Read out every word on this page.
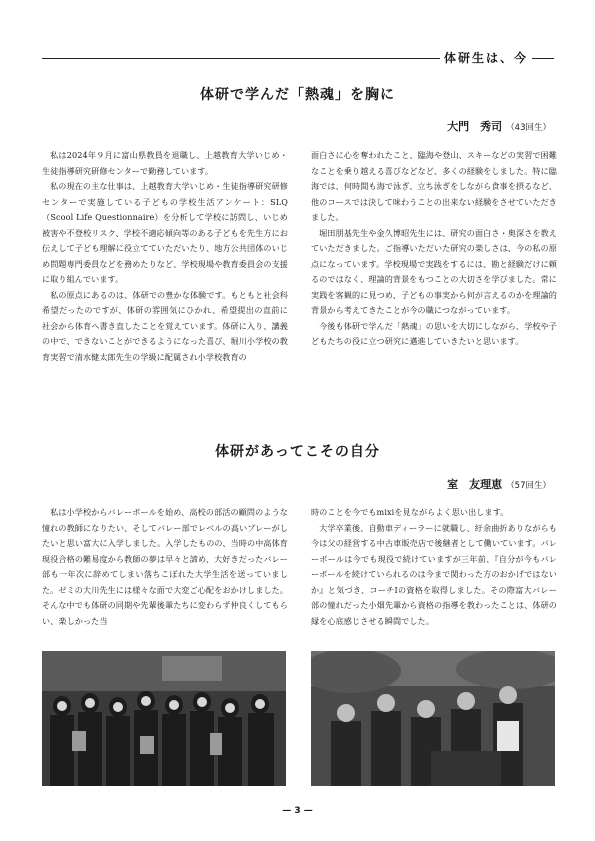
体研生は、今
体研で学んだ「熱魂」を胸に
大門　秀司 （43回生）

私は2024年９月に富山県教員を退職し、上越教育大学いじめ・生徒指導研究研修センターで勤務しています。

私の現在の主な仕事は、上越教育大学いじめ・生徒指導研究研修センターで実施している子どもの学校生活アンケート：SLQ（Scool Life Questionnaire）を分析して学校に訪問し、いじめ被害や不登校リスク、学校不適応傾向等のある子どもを先生方にお伝えして子ども理解に役立てていただいたり、地方公共団体のいじめ問題専門委員などを務めたりなど、学校現場や教育委員会の支援に取り組んでいます。

私の原点にあるのは、体研での豊かな体験です。もともと社会科希望だったのですが、体研の雰囲気にひかれ、希望提出の直前に社会から体育へ書き直したことを覚えています。体研に入り、講義の中で、できないことができるようになった喜び、堀川小学校の教育実習で清水健太郎先生の学級に配属され小学校教育の

面白さに心を奪われたこと、臨海や登山、スキーなどの実習で困難なことを乗り越える喜びなどなど、多くの経験をしました。特に臨海では、何時間も海で泳ぎ、立ち泳ぎをしながら食事を摂るなど、他のコースでは決して味わうことの出来ない経験をさせていただきました。

堀田朋基先生や金久博昭先生には、研究の面白さ・奥深さを教えていただきました。ご指導いただいた研究の楽しさは、今の私の原点になっています。学校現場で実践をするには、勘と経験だけに頼るのではなく、理論的背景をもつことの大切さを学びました。常に実践を客観的に見つめ、子どもの事実から何が言えるのかを理論的背景から考えてきたことが今の職につながっています。

今後も体研で学んだ「熱魂」の思いを大切にしながら、学校や子どもたちの役に立つ研究に邁進していきたいと思います。

体研があってこその自分
室　友理恵 （57回生）

私は小学校からバレーボールを始め、高校の部活の顧問のような憧れの教師になりたい、そしてバレー部でレベルの高いプレーがしたいと思い富大に入学しました。入学したものの、当時の中高体育現役合格の難易度から教師の夢は早々と諦め、大好きだったバレー部も一年次に辞めてしまい落ちこぼれた大学生活を送っていました。ゼミの大川先生には様々な面で大変ご心配をおかけしました。そんな中でも体研の同期や先輩後輩たちに変わらず仲良くしてもらい、楽しかった当

時のことを今でもmixiを見ながらよく思い出します。

大学卒業後、自動車ディーラーに就職し、紆余曲折ありながらも今は父の経営する中古車販売店で後継者として働いています。バレーボールは今でも現役で続けていますが三年前、『自分が今もバレーボールを続けていられるのは今まで関わった方のおかげではないか』と気づき、コーチⅠの資格を取得しました。その際富大バレー部の憧れだった小畑先輩から資格の指導を教わったことは、体研の縁を心底感じさせる瞬間でした。

— 3 —
